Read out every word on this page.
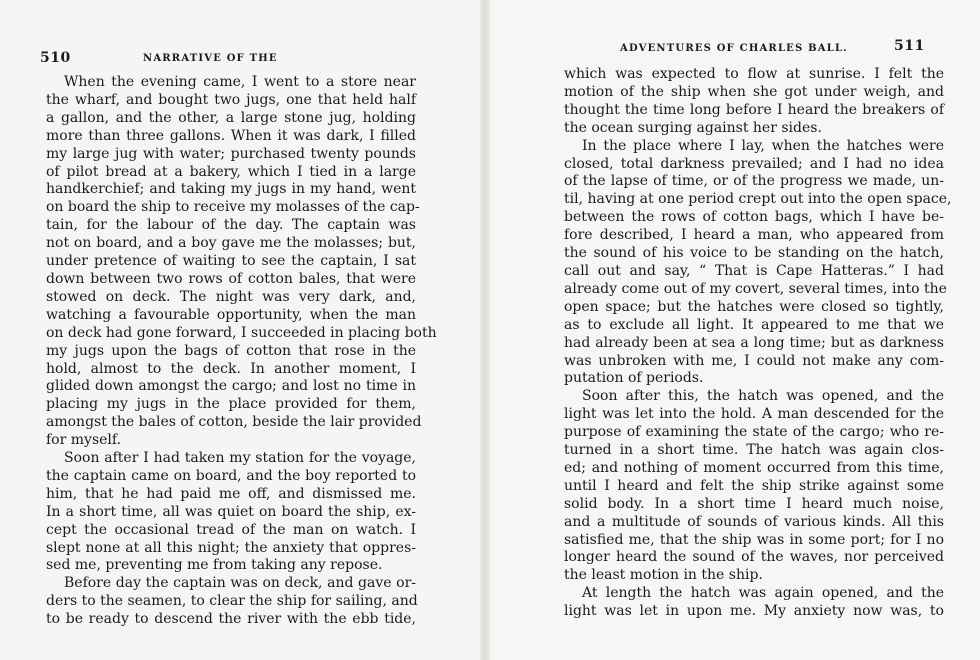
510	NARRATIVE OF THE
When the evening came, I went to a store near
the wharf, and bought two jugs, one that held half
a gallon, and the other, a large stone jug, holding
more than three gallons. When it was dark, I filled
my large jug with water; purchased twenty pounds
of pilot bread at a bakery, which I tied in a large
handkerchief; and taking my jugs in my hand, went
on board the ship to receive my molasses of the cap-
tain, for the labour of the day. The captain was
not on board, and a boy gave me the molasses; but,
under pretence of waiting to see the captain, I sat
down between two rows of cotton bales, that were
stowed on deck. The night was very dark, and,
watching a favourable opportunity, when the man
on deck had gone forward, I succeeded in placing both
my jugs upon the bags of cotton that rose in the
hold, almost to the deck. In another moment, I
glided down amongst the cargo; and lost no time in
placing my jugs in the place provided for them,
amongst the bales of cotton, beside the lair provided
for myself.
Soon after I had taken my station for the voyage,
the captain came on board, and the boy reported to
him, that he had paid me off, and dismissed me.
In a short time, all was quiet on board the ship, ex-
cept the occasional tread of the man on watch. I
slept none at all this night; the anxiety that oppres-
sed me, preventing me from taking any repose.
Before day the captain was on deck, and gave or-
ders to the seamen, to clear the ship for sailing, and
to be ready to descend the river with the ebb tide,
ADVENTURES OF CHARLES BALL.	511
which was expected to flow at sunrise. I felt the
motion of the ship when she got under weigh, and
thought the time long before I heard the breakers of
the ocean surging against her sides.
In the place where I lay, when the hatches were
closed, total darkness prevailed; and I had no idea
of the lapse of time, or of the progress we made, un-
til, having at one period crept out into the open space,
between the rows of cotton bags, which I have be-
fore described, I heard a man, who appeared from
the sound of his voice to be standing on the hatch,
call out and say, “ That is Cape Hatteras.” I had
already come out of my covert, several times, into the
open space; but the hatches were closed so tightly,
as to exclude all light. It appeared to me that we
had already been at sea a long time; but as darkness
was unbroken with me, I could not make any com-
putation of periods.
Soon after this, the hatch was opened, and the
light was let into the hold. A man descended for the
purpose of examining the state of the cargo; who re-
turned in a short time. The hatch was again clos-
ed; and nothing of moment occurred from this time,
until I heard and felt the ship strike against some
solid body. In a short time I heard much noise,
and a multitude of sounds of various kinds. All this
satisfied me, that the ship was in some port; for I no
longer heard the sound of the waves, nor perceived
the least motion in the ship.
At length the hatch was again opened, and the
light was let in upon me. My anxiety now was, to
